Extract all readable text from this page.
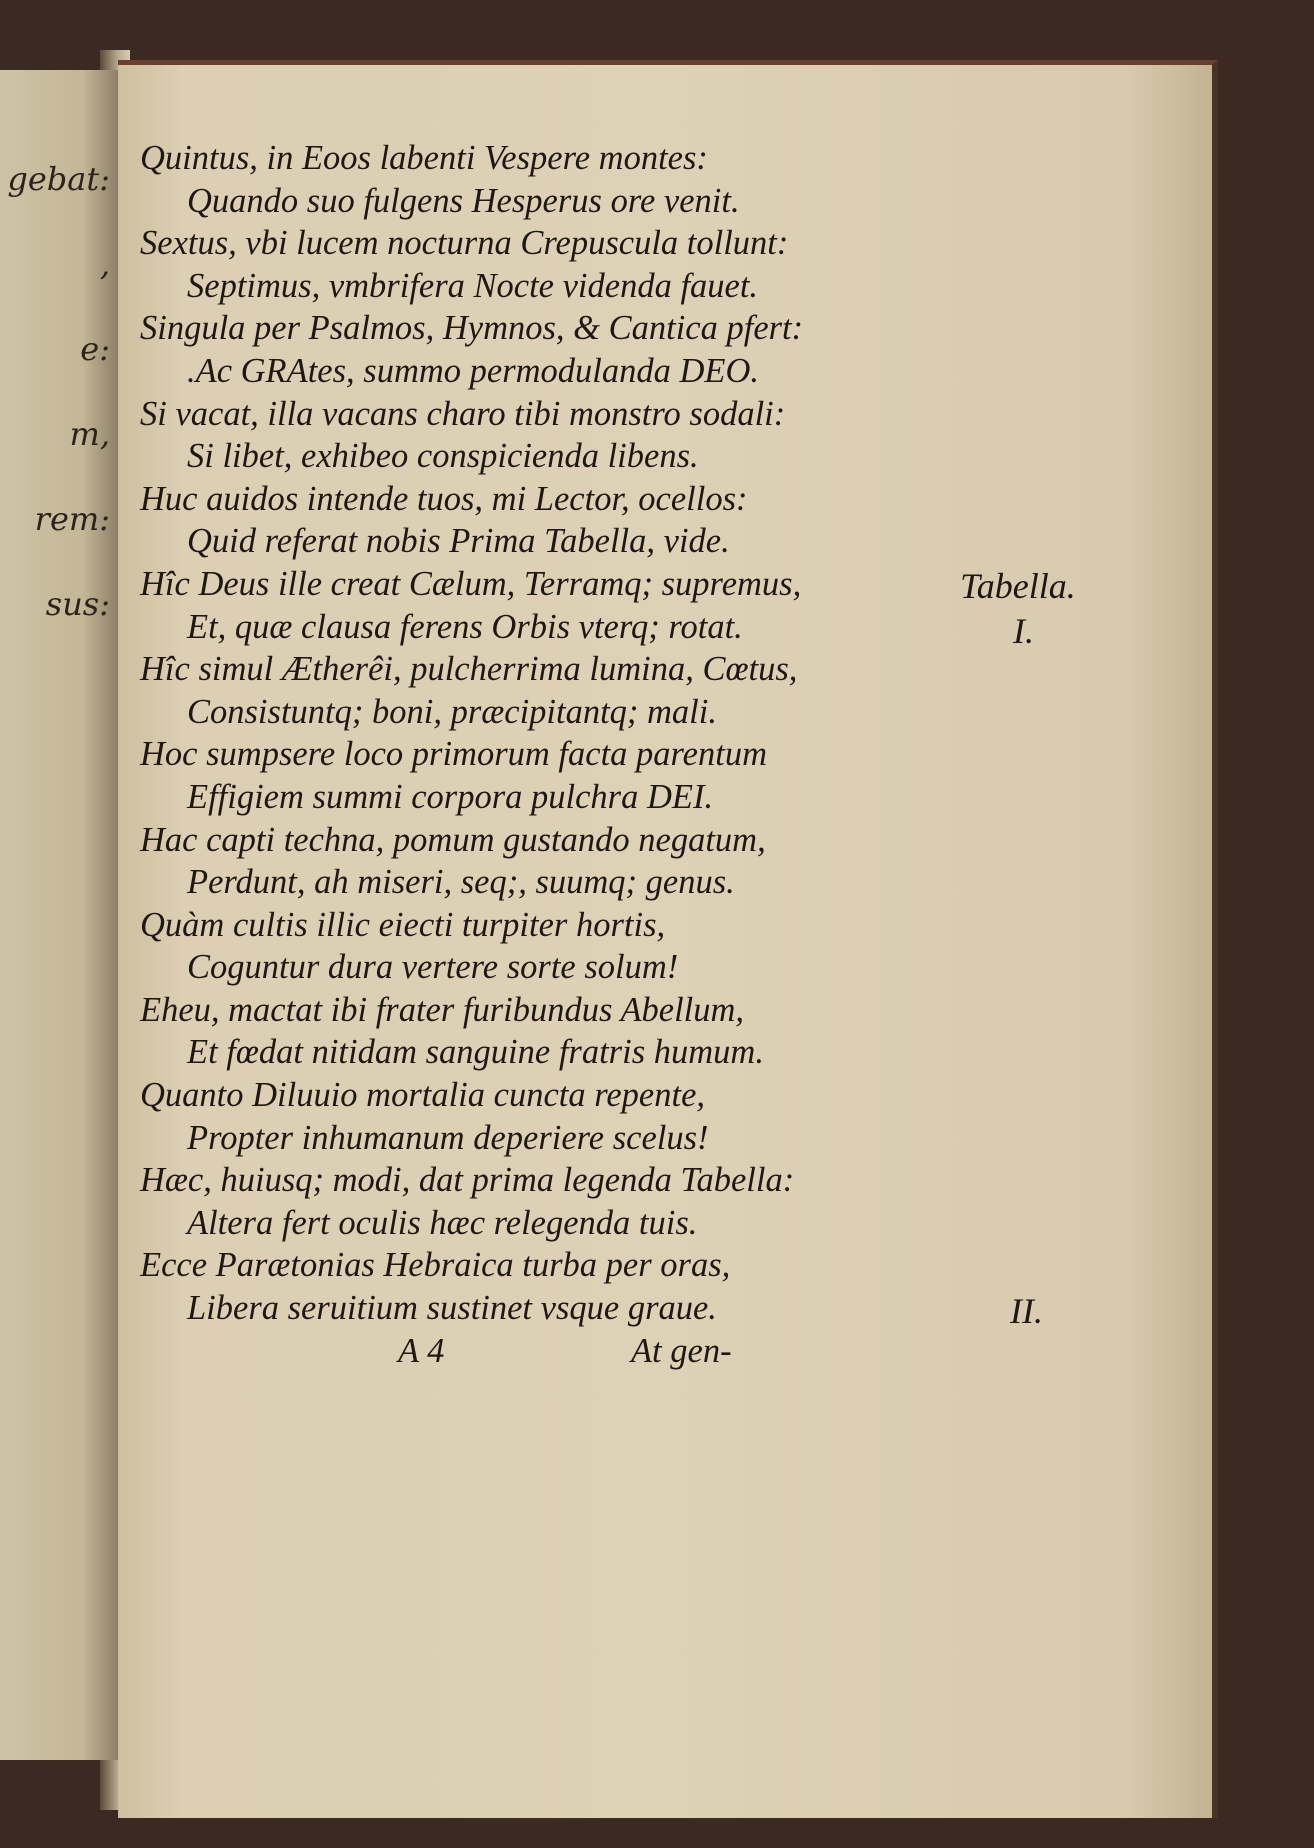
gebat:
,
e:
m,
rem:
sus:
Quintus, in Eoos labenti Vespere montes:
Quando suo fulgens Hesperus ore venit.
Sextus, vbi lucem nocturna Crepuscula tollunt:
Septimus, vmbrifera Nocte videnda fauet.
Singula per Psalmos, Hymnos, & Cantica pfert:
.Ac GRAtes, summo permodulanda DEO.
Si vacat, illa vacans charo tibi monstro sodali:
Si libet, exhibeo conspicienda libens.
Huc auidos intende tuos, mi Lector, ocellos:
Quid referat nobis Prima Tabella, vide.
Hîc Deus ille creat Cælum, Terramq; supremus,
Et, quæ clausa ferens Orbis vterq; rotat.
Hîc simul Ætherêi, pulcherrima lumina, Cœtus,
Consistuntq; boni, præcipitantq; mali.
Hoc sumpsere loco primorum facta parentum
Effigiem summi corpora pulchra DEI.
Hac capti techna, pomum gustando negatum,
Perdunt, ah miseri, seq;, suumq; genus.
Quàm cultis illic eiecti turpiter hortis,
Coguntur dura vertere sorte solum!
Eheu, mactat ibi frater furibundus Abellum,
Et fœdat nitidam sanguine fratris humum.
Quanto Diluuio mortalia cuncta repente,
Propter inhumanum deperiere scelus!
Hæc, huiusq; modi, dat prima legenda Tabella:
Altera fert oculis hæc relegenda tuis.
Ecce Parætonias Hebraica turba per oras,
Libera seruitium sustinet vsque graue.
A 4	At gen-
Tabella.
I.
II.
